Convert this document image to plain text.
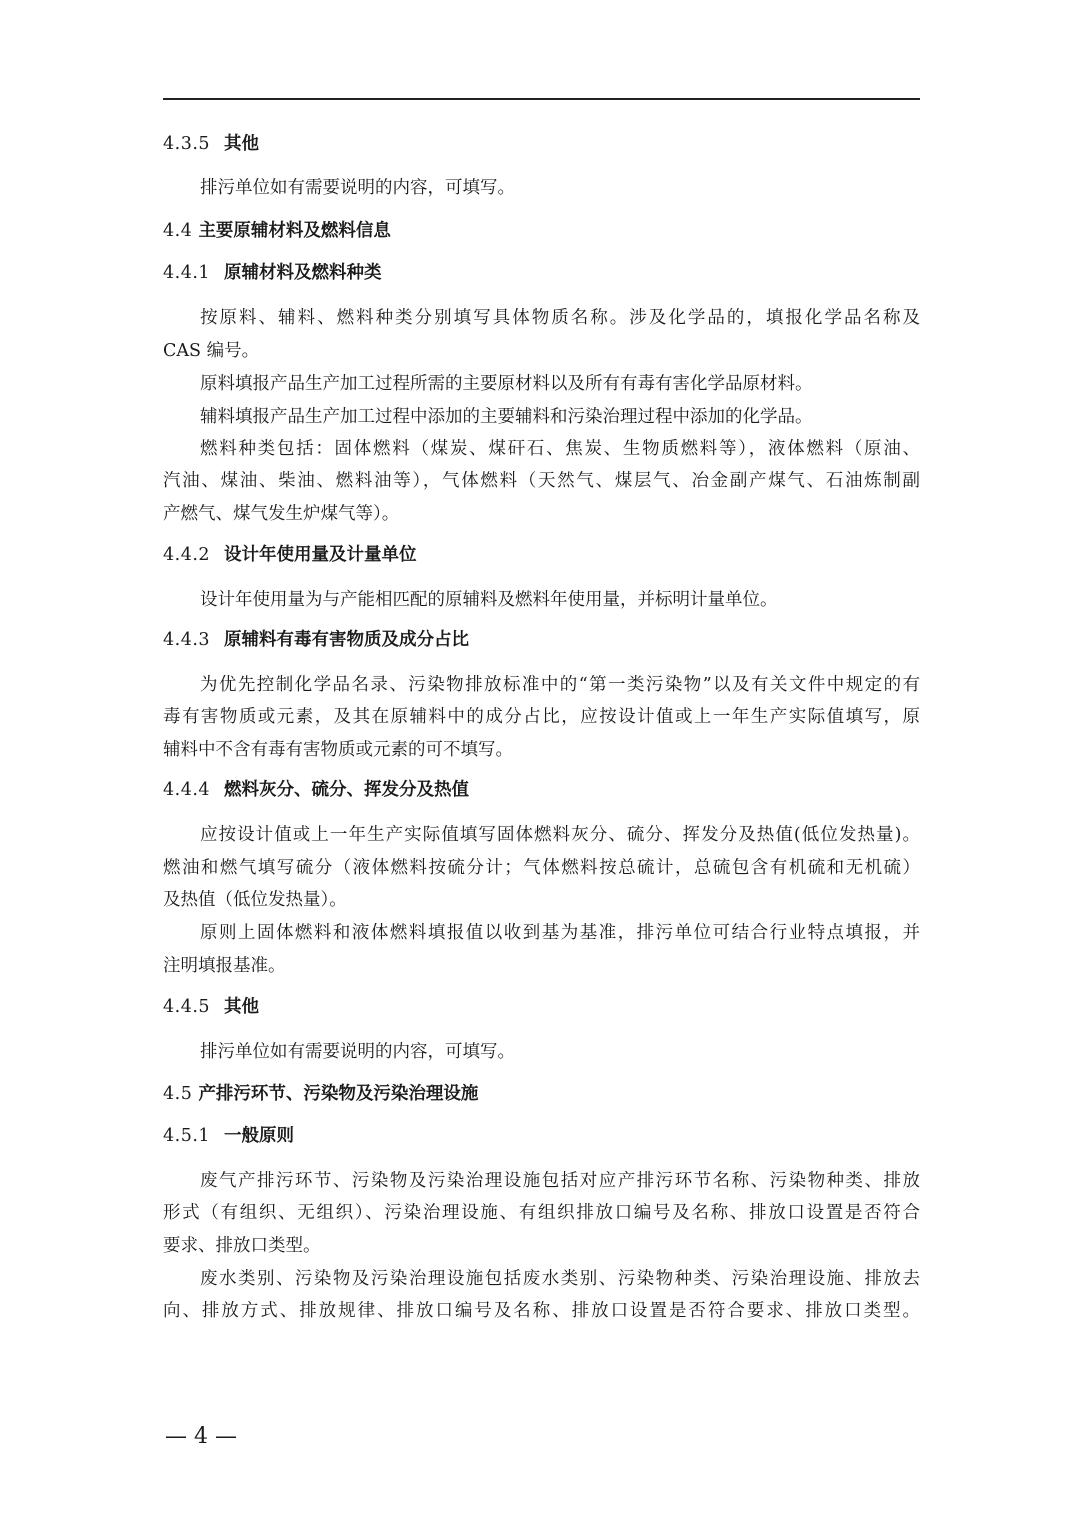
4.3.5 其他
排污单位如有需要说明的内容，可填写。
4.4 主要原辅材料及燃料信息
4.4.1 原辅材料及燃料种类
按原料、辅料、燃料种类分别填写具体物质名称。涉及化学品的，填报化学品名称及
CAS 编号。
原料填报产品生产加工过程所需的主要原材料以及所有有毒有害化学品原材料。
辅料填报产品生产加工过程中添加的主要辅料和污染治理过程中添加的化学品。
燃料种类包括：固体燃料（煤炭、煤矸石、焦炭、生物质燃料等），液体燃料（原油、
汽油、煤油、柴油、燃料油等），气体燃料（天然气、煤层气、冶金副产煤气、石油炼制副
产燃气、煤气发生炉煤气等）。
4.4.2 设计年使用量及计量单位
设计年使用量为与产能相匹配的原辅料及燃料年使用量，并标明计量单位。
4.4.3 原辅料有毒有害物质及成分占比
为优先控制化学品名录、污染物排放标准中的“第一类污染物”以及有关文件中规定的有
毒有害物质或元素，及其在原辅料中的成分占比，应按设计值或上一年生产实际值填写，原
辅料中不含有毒有害物质或元素的可不填写。
4.4.4 燃料灰分、硫分、挥发分及热值
应按设计值或上一年生产实际值填写固体燃料灰分、硫分、挥发分及热值(低位发热量)。
燃油和燃气填写硫分（液体燃料按硫分计；气体燃料按总硫计，总硫包含有机硫和无机硫）
及热值（低位发热量）。
原则上固体燃料和液体燃料填报值以收到基为基准，排污单位可结合行业特点填报，并
注明填报基准。
4.4.5 其他
排污单位如有需要说明的内容，可填写。
4.5 产排污环节、污染物及污染治理设施
4.5.1 一般原则
废气产排污环节、污染物及污染治理设施包括对应产排污环节名称、污染物种类、排放
形式（有组织、无组织）、污染治理设施、有组织排放口编号及名称、排放口设置是否符合
要求、排放口类型。
废水类别、污染物及污染治理设施包括废水类别、污染物种类、污染治理设施、排放去
向、排放方式、排放规律、排放口编号及名称、排放口设置是否符合要求、排放口类型。
— 4 —
